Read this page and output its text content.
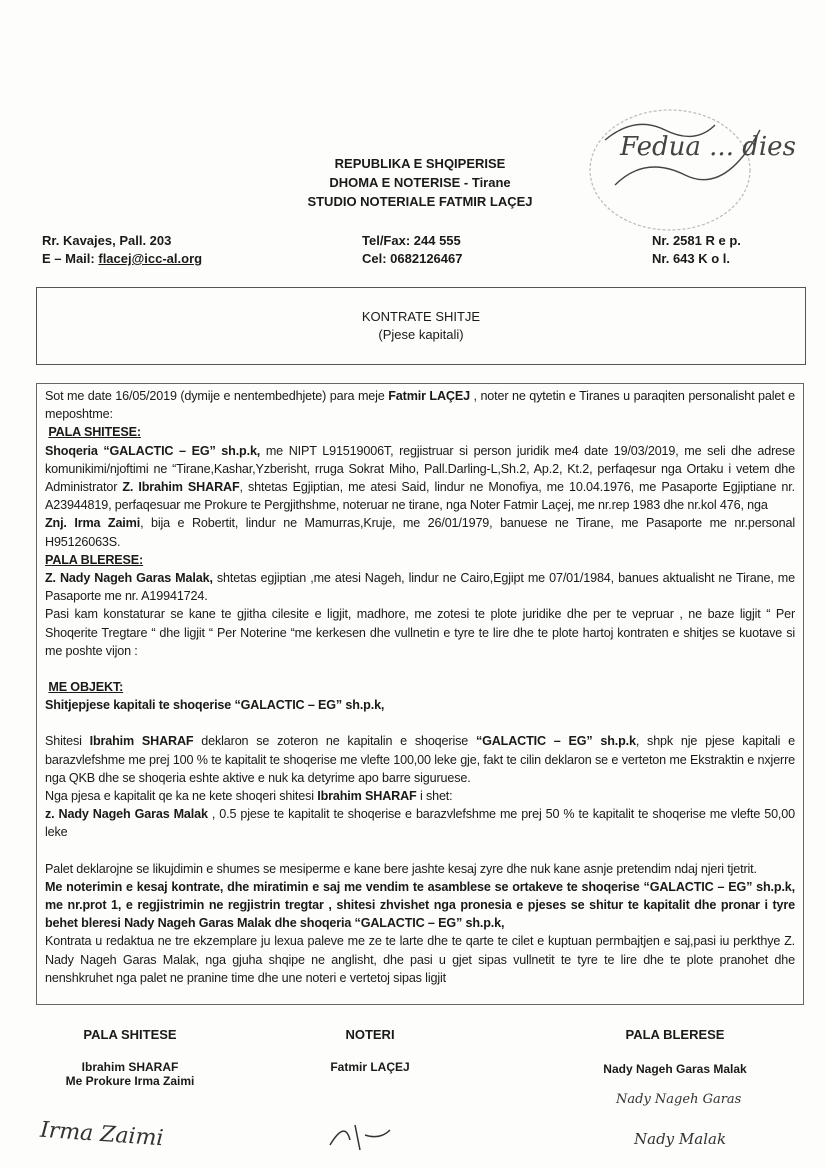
REPUBLIKA E SHQIPERISE
DHOMA E NOTERISE - Tirane
STUDIO NOTERIALE FATMIR LAÇEJ
Fedua ... dies
Rr. Kavajes, Pall. 203
E – Mail: flacej@icc-al.org
Tel/Fax: 244 555
Cel: 0682126467
Nr. 2581 R e p.
Nr. 643 K o l.
KONTRATE SHITJE
(Pjese kapitali)

Sot me date 16/05/2019 (dymije e nentembedhjete) para meje Fatmir LAÇEJ , noter ne qytetin e Tiranes u paraqiten personalisht palet e meposhtme:

PALA SHITESE:

Shoqeria “GALACTIC – EG” sh.p.k, me NIPT L91519006T, regjistruar si person juridik me4 date 19/03/2019, me seli dhe adrese komunikimi/njoftimi ne “Tirane,Kashar,Yzberisht, rruga Sokrat Miho, Pall.Darling-L,Sh.2, Ap.2, Kt.2, perfaqesur nga Ortaku i vetem dhe Administrator Z. Ibrahim SHARAF, shtetas Egjiptian, me atesi Said, lindur ne Monofiya, me 10.04.1976, me Pasaporte Egjiptiane nr. A23944819, perfaqesuar me Prokure te Pergjithshme, noteruar ne tirane, nga Noter Fatmir Laçej, me nr.rep 1983 dhe nr.kol 476, nga

Znj. Irma Zaimi, bija e Robertit, lindur ne Mamurras,Kruje, me 26/01/1979, banuese ne Tirane, me Pasaporte me nr.personal H95126063S.

PALA BLERESE:

Z. Nady Nageh Garas Malak, shtetas egjiptian ,me atesi Nageh, lindur ne Cairo,Egjipt me 07/01/1984, banues aktualisht ne Tirane, me Pasaporte me nr. A19941724.

Pasi kam konstaturar se kane te gjitha cilesite e ligjit, madhore, me zotesi te plote juridike dhe per te vepruar , ne baze ligjit “ Per Shoqerite Tregtare “ dhe ligjit “ Per Noterine “me kerkesen dhe vullnetin e tyre te lire dhe te plote hartoj kontraten e shitjes se kuotave si me poshte vijon :

ME OBJEKT:

Shitjepjese kapitali te shoqerise “GALACTIC – EG” sh.p.k,

Shitesi Ibrahim SHARAF deklaron se zoteron ne kapitalin e shoqerise “GALACTIC – EG” sh.p.k, shpk nje pjese kapitali e barazvlefshme me prej 100 % te kapitalit te shoqerise me vlefte 100,00 leke gje, fakt te cilin deklaron se e verteton me Ekstraktin e nxjerre nga QKB dhe se shoqeria eshte aktive e nuk ka detyrime apo barre siguruese.

Nga pjesa e kapitalit qe ka ne kete shoqeri shitesi Ibrahim SHARAF i shet:

z. Nady Nageh Garas Malak , 0.5 pjese te kapitalit te shoqerise e barazvlefshme me prej 50 % te kapitalit te shoqerise me vlefte 50,00 leke

Palet deklarojne se likujdimin e shumes se mesiperme e kane bere jashte kesaj zyre dhe nuk kane asnje pretendim ndaj njeri tjetrit.

Me noterimin e kesaj kontrate, dhe miratimin e saj me vendim te asamblese se ortakeve te shoqerise “GALACTIC – EG” sh.p.k, me nr.prot 1, e regjistrimin ne regjistrin tregtar , shitesi zhvishet nga pronesia e pjeses se shitur te kapitalit dhe pronar i tyre behet bleresi Nady Nageh Garas Malak dhe shoqeria “GALACTIC – EG” sh.p.k,

Kontrata u redaktua ne tre ekzemplare ju lexua paleve me ze te larte dhe te qarte te cilet e kuptuan permbajtjen e saj,pasi iu perkthye Z. Nady Nageh Garas Malak, nga gjuha shqipe ne anglisht, dhe pasi u gjet sipas vullnetit te tyre te lire dhe te plote pranohet dhe nenshkruhet nga palet ne pranine time dhe une noteri e vertetoj sipas ligjit

PALA SHITESE
Ibrahim SHARAF
Me Prokure Irma Zaimi
NOTERI
Fatmir LAÇEJ
PALA BLERESE
Nady Nageh Garas Malak
Irma Zaimi
Nady Nageh Garas
Nady Malak
